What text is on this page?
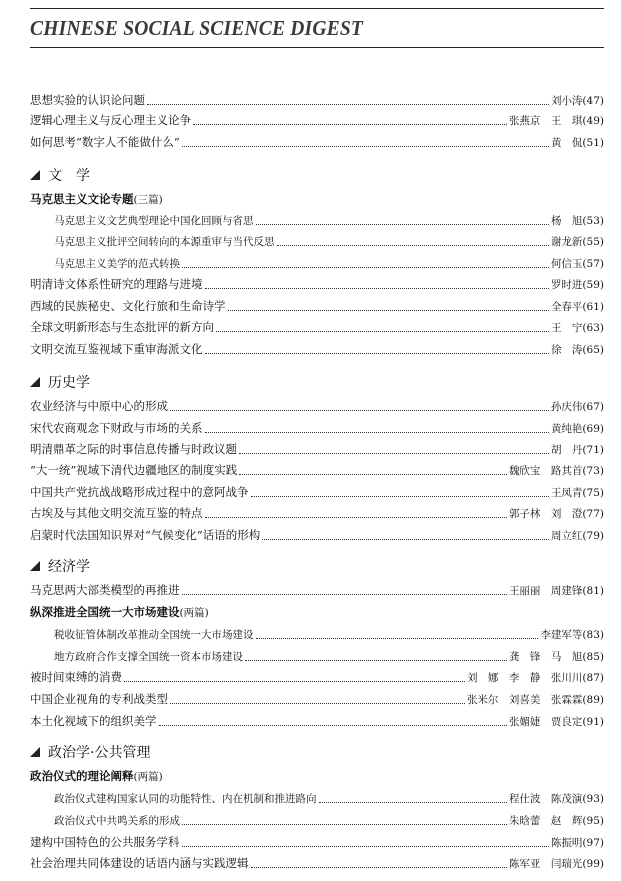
CHINESE SOCIAL SCIENCE DIGEST
思想实验的认识论问题	刘小涛(47)
逻辑心理主义与反心理主义论争	张燕京　王　琪(49)
如何思考“数字人不能做什么”	黄　侃(51)
文　学
马克思主义文论专题 (三篇)
马克思主义文艺典型理论中国化回顾与省思	杨　旭(53)
马克思主义批评空间转向的本源重审与当代反思	谢龙新(55)
马克思主义美学的范式转换	何信玉(57)
明清诗文体系性研究的理路与进境	罗时进(59)
西域的民族秘史、文化行旅和生命诗学	全春平(61)
全球文明新形态与生态批评的新方向	王　宁(63)
文明交流互鉴视域下重审海派文化	徐　涛(65)
历史学
农业经济与中原中心的形成	孙庆伟(67)
宋代农商观念下财政与市场的关系	黄纯艳(69)
明清鼎革之际的时事信息传播与时政议题	胡　丹(71)
“大一统”视域下清代边疆地区的制度实践	魏欣宝　路其首(73)
中国共产党抗战战略形成过程中的意阿战争	王凤青(75)
古埃及与其他文明交流互鉴的特点	郭子林　刘　澄(77)
启蒙时代法国知识界对“气候变化”话语的形构	周立红(79)
经济学
马克思两大部类模型的再推进	王丽丽　周建锋(81)
纵深推进全国统一大市场建设 (两篇)
税收征管体制改革推动全国统一大市场建设	李建军等(83)
地方政府合作支撑全国统一资本市场建设	龚　锋　马　旭(85)
被时间束缚的消费	刘　娜　李　静　张川川(87)
中国企业视角的专利战类型	张米尔　刘喜美　张霖霖(89)
本土化视域下的组织美学	张媚婕　贾良定(91)
政治学·公共管理
政治仪式的理论阐释 (两篇)
政治仪式建构国家认同的功能特性、内在机制和推进路向	程仕波　陈茂演(93)
政治仪式中共鸣关系的形成	朱晗蕾　赵　辉(95)
建构中国特色的公共服务学科	陈振明(97)
社会治理共同体建设的话语内涵与实践逻辑	陈军亚　闫瑞光(99)
